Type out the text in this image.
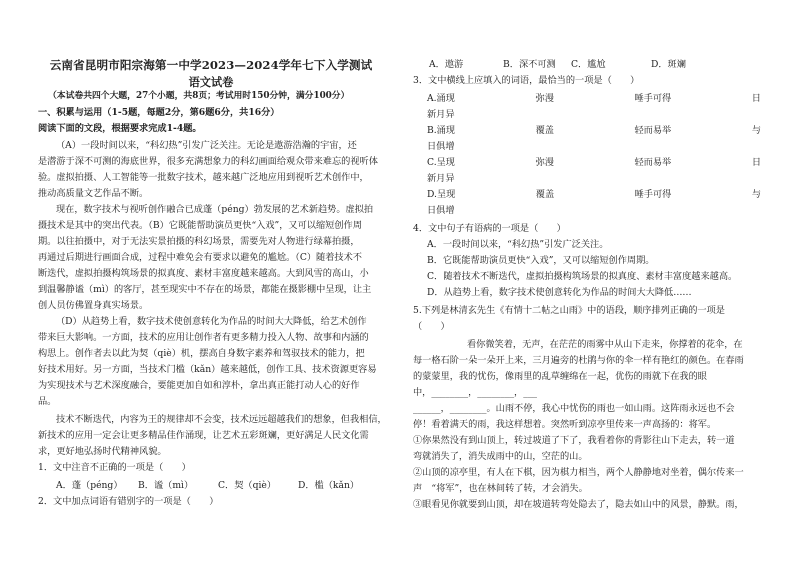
云南省昆明市阳宗海第一中学2023—2024学年七下入学测试
语文试卷
（本试卷共四个大题，27个小题，共8页；考试用时150分钟，满分100分）
一、积累与运用（1-5题，每题2分，第6题6分，共16分）
阅读下面的文段，根据要求完成1-4题。
（A）一段时间以来，“科幻热”引发广泛关注。无论是遨游浩瀚的宇宙，还
是潜游于深不可测的海底世界，很多充满想象力的科幻画面给观众带来难忘的视听体
验。虚拟拍摄、人工智能等一批数字技术，越来越广泛地应用到视听艺术创作中，
推动高质量文艺作品不断。
现在，数字技术与视听创作融合已成蓬（péng）勃发展的艺术新趋势。虚拟拍
摄技术是其中的突出代表。（B）它既能帮助演员更快“入戏”，又可以缩短创作周
期。以往拍摄中，对于无法实景拍摄的科幻场景，需要先对人物进行绿幕拍摄，
再通过后期进行画面合成，过程中难免会有要求以避免的尴尬。（C）随着技术不
断迭代，虚拟拍摄构筑场景的拟真度、素材丰富度越来越高。大到风雪的高山，小
到温馨静谧（mì）的客厅，甚至现实中不存在的场景，都能在摄影棚中呈现，让主
创人员仿佛置身真实场景。
（D）从趋势上看，数字技术使创意转化为作品的时间大大降低，给艺术创作
带来巨大影响。一方面，技术的应用让创作者有更多精力投入人物、故事和内涵的
构思上。创作者去以此为契（qiè）机，摆高自身数字素养和驾驭技术的能力，把
好技术用好。另一方面，当技术门槛（kǎn）越来越低，创作工具、技术资源更容易
为实现技术与艺术深度融合，要能更加自如和淳朴，拿出真正能打动人心的好作
品。
技术不断迭代，内容为王的规律却不会变，技术远远超越我们的想象，但我相信，
新技术的应用一定会让更多精品佳作涌现，让艺术五彩斑斓，更好满足人民文化需
求，更好地弘扬时代精神风貌。
1．文中注音不正确的一项是（　　）
A．蓬（péng） B．谧（mì）	C．契（qiè） D．槛（kǎn）
2．文中加点词语有错别字的一项是（　　）
A．遨游	B．深不可测 C．尴尬	D．斑斓
3．文中横线上应填入的词语，最恰当的一项是（　　）
A.涌现	弥漫	唾手可得	日
新月异
B.涌现	覆盖	轻而易举	与
日俱增
C.呈现	弥漫	轻而易举	日
新月异
D.呈现	覆盖	唾手可得	与
日俱增
4．文中句子有语病的一项是（　　）
A．一段时间以来，“科幻热”引发广泛关注。
B．它既能帮助演员更快“入戏”，又可以缩短创作周期。
C．随着技术不断迭代，虚拟拍摄构筑场景的拟真度、素材丰富度越来越高。
D．从趋势上看，数字技术使创意转化为作品的时间大大降低……
5.下列是林清玄先生《有情十二帖之山雨》中的语段，顺序排列正确的一项是
（　　）
看你微笑着，无声，在茫茫的雨雾中从山下走来，你撑着的花伞，在
每一格石阶一朵一朵开上来，三月遍旁的杜鹃与你的伞一样有艳红的颜色。在春雨
的蒙蒙里，我的忧伤，像雨里的乱草缠绵在一起，优伤的雨就下在我的眼
中，________，________，___
______，________。山雨不停，我心中忧伤的雨也一如山雨。这阵雨永远也不会
停！看着满天的雨，我这样想着。突然听到凉亭里传来一声高扬的：将军。
①你果然没有到山顶上，转过坡道了下了，我看着你的背影往山下走去，转一道
弯就消失了，消失成雨中的山，空茫的山。
②山顶的凉亭里，有人在下棋，因为棋力相当，两个人静静地对坐着，偶尔传来一
声　“将军”，也在林间转了转，才会消失。
③眼看见你就要到山顶，却在坡道转弯处隐去了，隐去如山中的风景，静默。雨，
